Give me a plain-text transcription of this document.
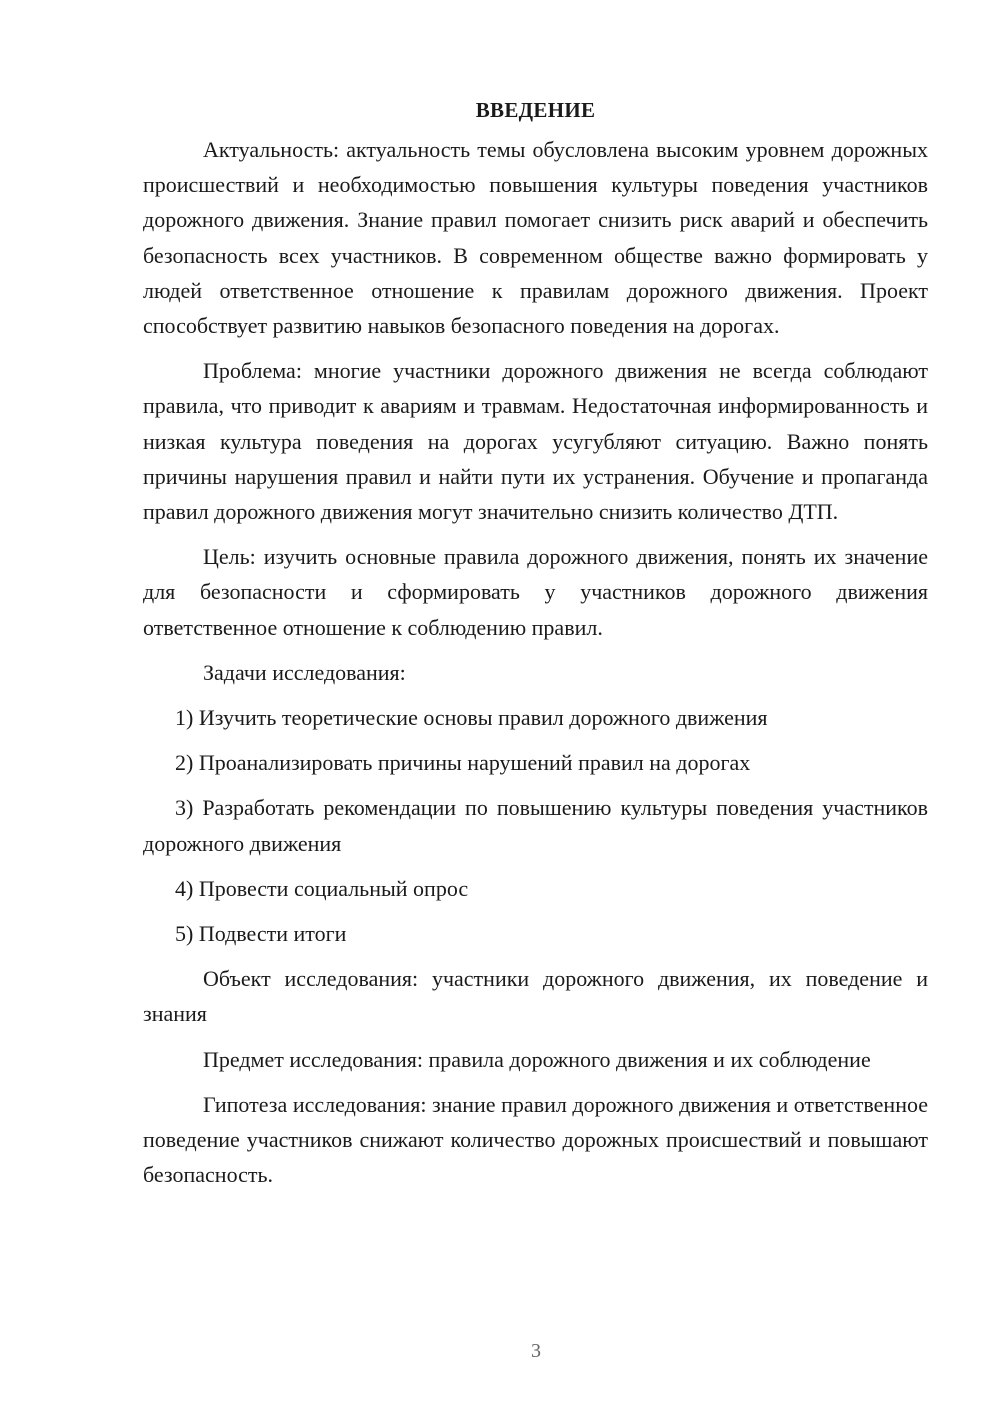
ВВЕДЕНИЕ

Актуальность: актуальность темы обусловлена высоким уровнем дорожных происшествий и необходимостью повышения культуры поведения участников дорожного движения. Знание правил помогает снизить риск аварий и обеспечить безопасность всех участников. В современном обществе важно формировать у людей ответственное отношение к правилам дорожного движения. Проект способствует развитию навыков безопасного поведения на дорогах.

Проблема: многие участники дорожного движения не всегда соблюдают правила, что приводит к авариям и травмам. Недостаточная информированность и низкая культура поведения на дорогах усугубляют ситуацию. Важно понять причины нарушения правил и найти пути их устранения. Обучение и пропаганда правил дорожного движения могут значительно снизить количество ДТП.

Цель: изучить основные правила дорожного движения, понять их значение для безопасности и сформировать у участников дорожного движения ответственное отношение к соблюдению правил.

Задачи исследования:

1) Изучить теоретические основы правил дорожного движения

2) Проанализировать причины нарушений правил на дорогах

3) Разработать рекомендации по повышению культуры поведения участников дорожного движения

4) Провести социальный опрос

5) Подвести итоги

Объект исследования: участники дорожного движения, их поведение и знания

Предмет исследования: правила дорожного движения и их соблюдение

Гипотеза исследования: знание правил дорожного движения и ответственное поведение участников снижают количество дорожных происшествий и повышают безопасность.

3
